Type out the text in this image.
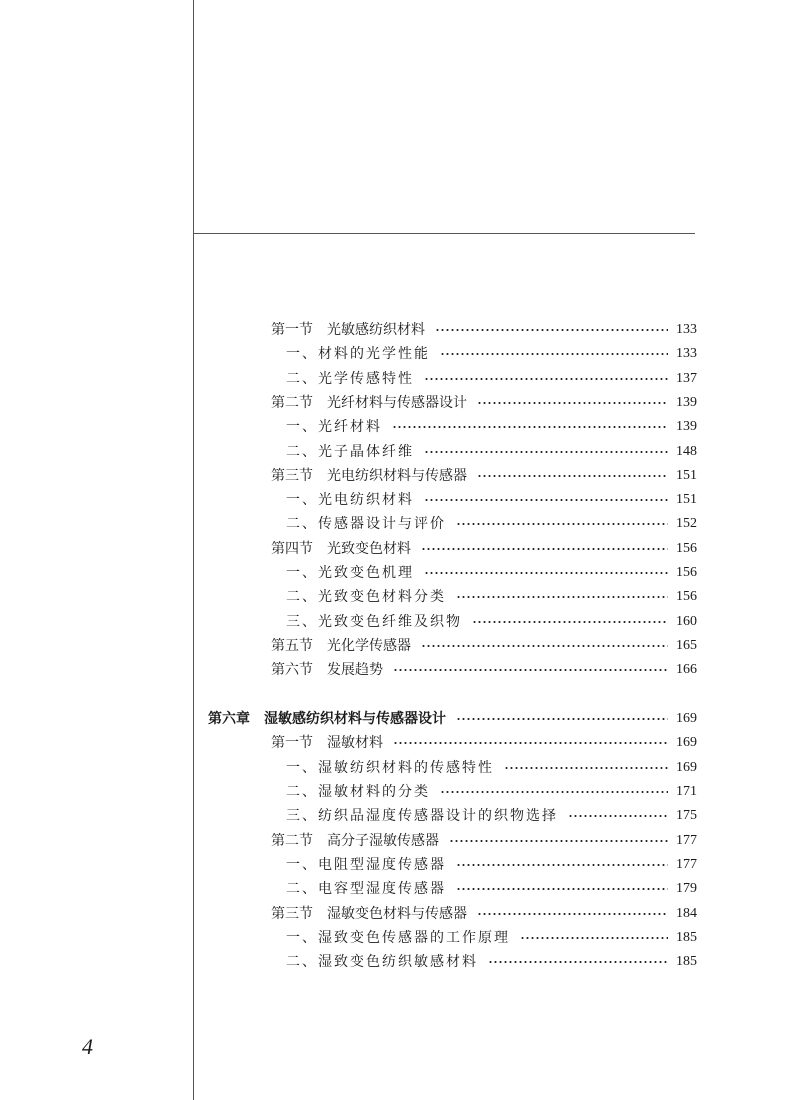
第一节　光敏感纺织材料	133
一、材料的光学性能	133
二、光学传感特性	137
第二节　光纤材料与传感器设计	139
一、光纤材料	139
二、光子晶体纤维	148
第三节　光电纺织材料与传感器	151
一、光电纺织材料	151
二、传感器设计与评价	152
第四节　光致变色材料	156
一、光致变色机理	156
二、光致变色材料分类	156
三、光致变色纤维及织物	160
第五节　光化学传感器	165
第六节　发展趋势	166
第六章　湿敏感纺织材料与传感器设计	169
第一节　湿敏材料	169
一、湿敏纺织材料的传感特性	169
二、湿敏材料的分类	171
三、纺织品湿度传感器设计的织物选择	175
第二节　高分子湿敏传感器	177
一、电阻型湿度传感器	177
二、电容型湿度传感器	179
第三节　湿敏变色材料与传感器	184
一、湿致变色传感器的工作原理	185
二、湿致变色纺织敏感材料	185
4
